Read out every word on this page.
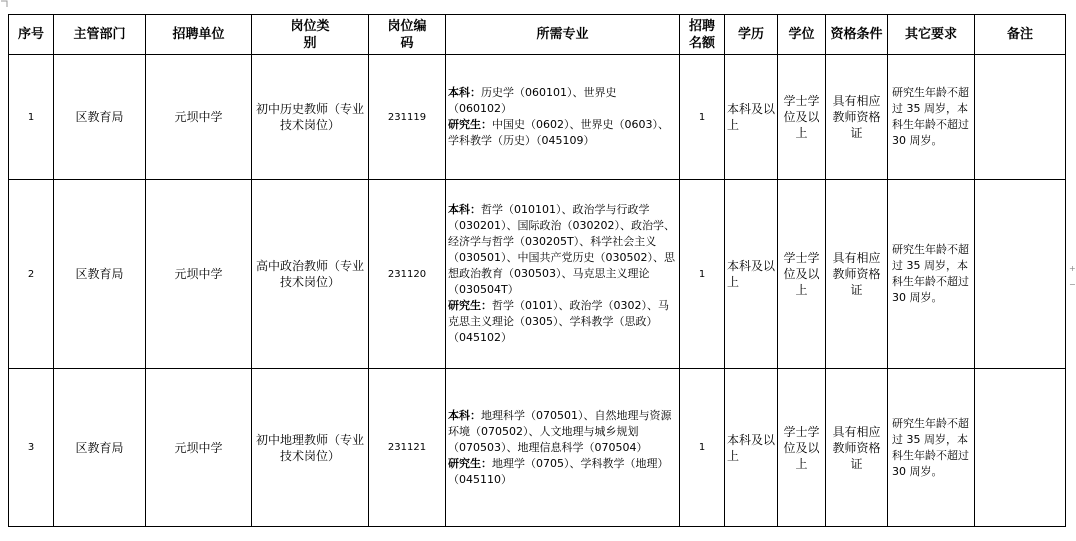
序号	主管部门	招聘单位	岗位类别	岗位编码	所需专业	招聘名额	学历	学位	资格条件	其它要求	备注
1	区教育局	元坝中学	初中历史教师（专业技术岗位）	231119	本科：历史学（060101）、世界史（060102）
研究生：中国史（0602）、世界史（0603）、学科教学（历史）（045109）	1	本科及以上	学士学位及以上	具有相应教师资格证	研究生年龄不超过 35 周岁，本科生年龄不超过 30 周岁。	
2	区教育局	元坝中学	高中政治教师（专业技术岗位）	231120	本科：哲学（010101）、政治学与行政学（030201）、国际政治（030202）、政治学、经济学与哲学（030205T）、科学社会主义（030501）、中国共产党历史（030502）、思想政治教育（030503）、马克思主义理论（030504T）
研究生：哲学（0101）、政治学（0302）、马克思主义理论（0305）、学科教学（思政）（045102）	1	本科及以上	学士学位及以上	具有相应教师资格证	研究生年龄不超过 35 周岁，本科生年龄不超过 30 周岁。	
3	区教育局	元坝中学	初中地理教师（专业技术岗位）	231121	本科：地理科学（070501）、自然地理与资源环境（070502）、人文地理与城乡规划（070503）、地理信息科学（070504）
研究生：地理学（0705）、学科教学（地理）（045110）	1	本科及以上	学士学位及以上	具有相应教师资格证	研究生年龄不超过 35 周岁，本科生年龄不超过 30 周岁。	
+
−
